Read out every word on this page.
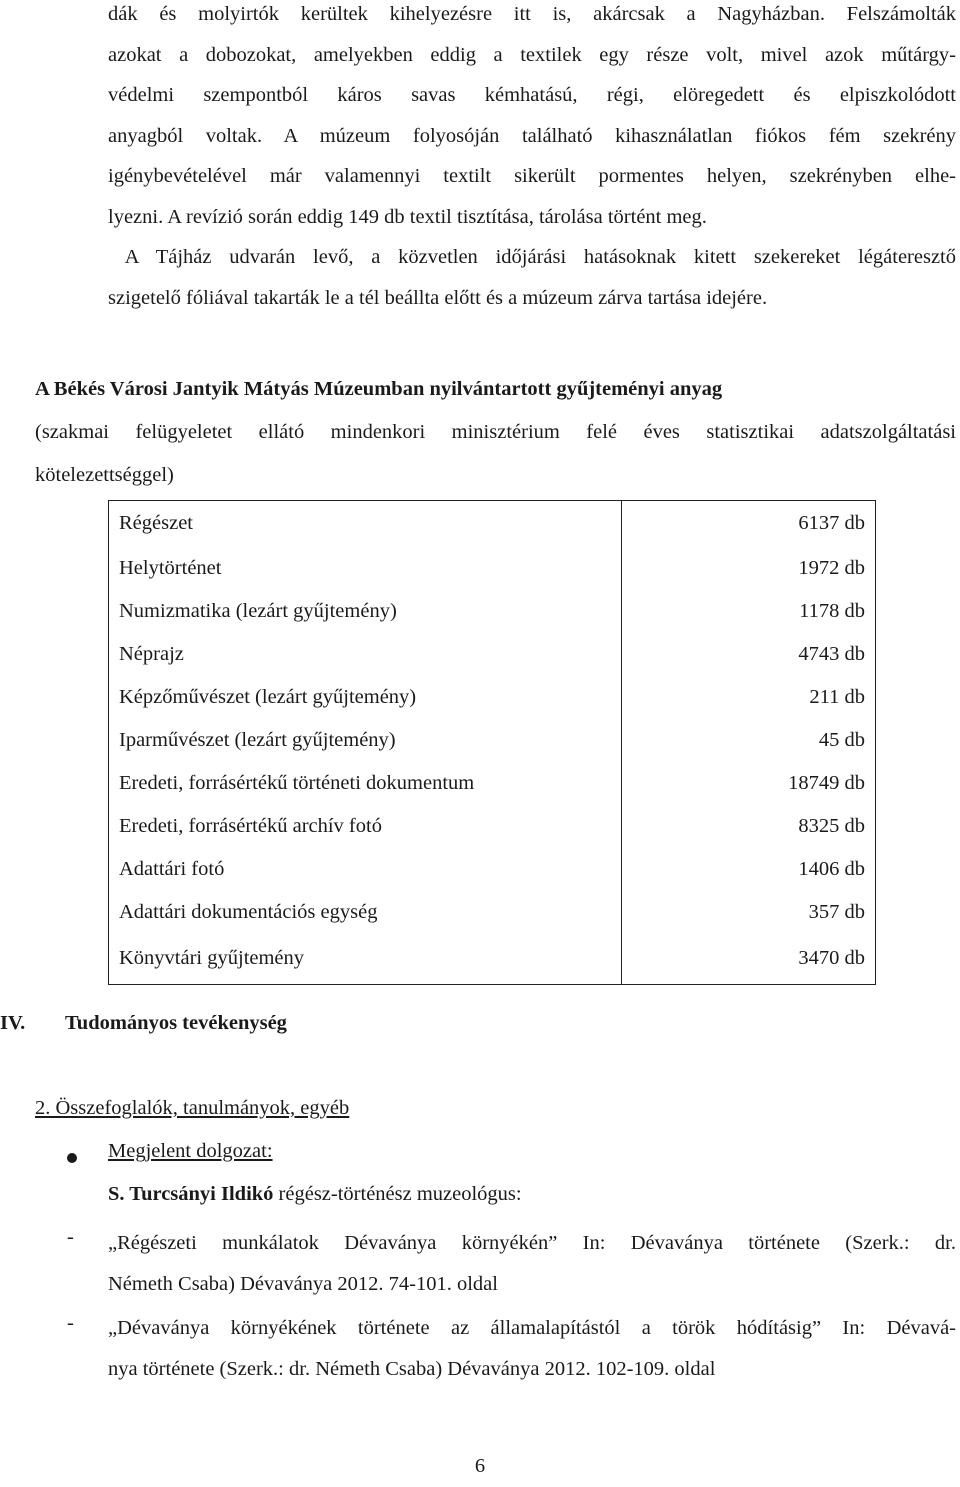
dák és molyirtók kerültek kihelyezésre itt is, akárcsak a Nagyházban. Felszámolták
azokat a dobozokat, amelyekben eddig a textilek egy része volt, mivel azok műtárgy-
védelmi szempontból káros savas kémhatású, régi, elöregedett és elpiszkolódott
anyagból voltak. A múzeum folyosóján található kihasználatlan fiókos fém szekrény
igénybevételével már valamennyi textilt sikerült pormentes helyen, szekrényben elhe-
lyezni. A revízió során eddig 149 db textil tisztítása, tárolása történt meg.
A Tájház udvarán levő, a közvetlen időjárási hatásoknak kitett szekereket légáteresztő
szigetelő fóliával takarták le a tél beállta előtt és a múzeum zárva tartása idejére.
A Békés Városi Jantyik Mátyás Múzeumban nyilvántartott gyűjteményi anyag
(szakmai felügyeletet ellátó mindenkori minisztérium felé éves statisztikai adatszolgáltatási
kötelezettséggel)
Régészet	6137 db
Helytörténet	1972 db
Numizmatika (lezárt gyűjtemény)	1178 db
Néprajz	4743 db
Képzőművészet (lezárt gyűjtemény)	211 db
Iparművészet (lezárt gyűjtemény)	45 db
Eredeti, forrásértékű történeti dokumentum	18749 db
Eredeti, forrásértékű archív fotó	8325 db
Adattári fotó	1406 db
Adattári dokumentációs egység	357 db
Könyvtári gyűjtemény	3470 db
IV. Tudományos tevékenység
2. Összefoglalók, tanulmányok, egyéb
Megjelent dolgozat:
S. Turcsányi Ildikó régész-történész muzeológus:
- „Régészeti munkálatok Dévaványa környékén” In: Dévaványa története (Szerk.: dr.
Németh Csaba) Dévaványa 2012. 74-101. oldal
- „Dévaványa környékének története az államalapítástól a török hódításig” In: Dévavá-
nya története (Szerk.: dr. Németh Csaba) Dévaványa 2012. 102-109. oldal
6
